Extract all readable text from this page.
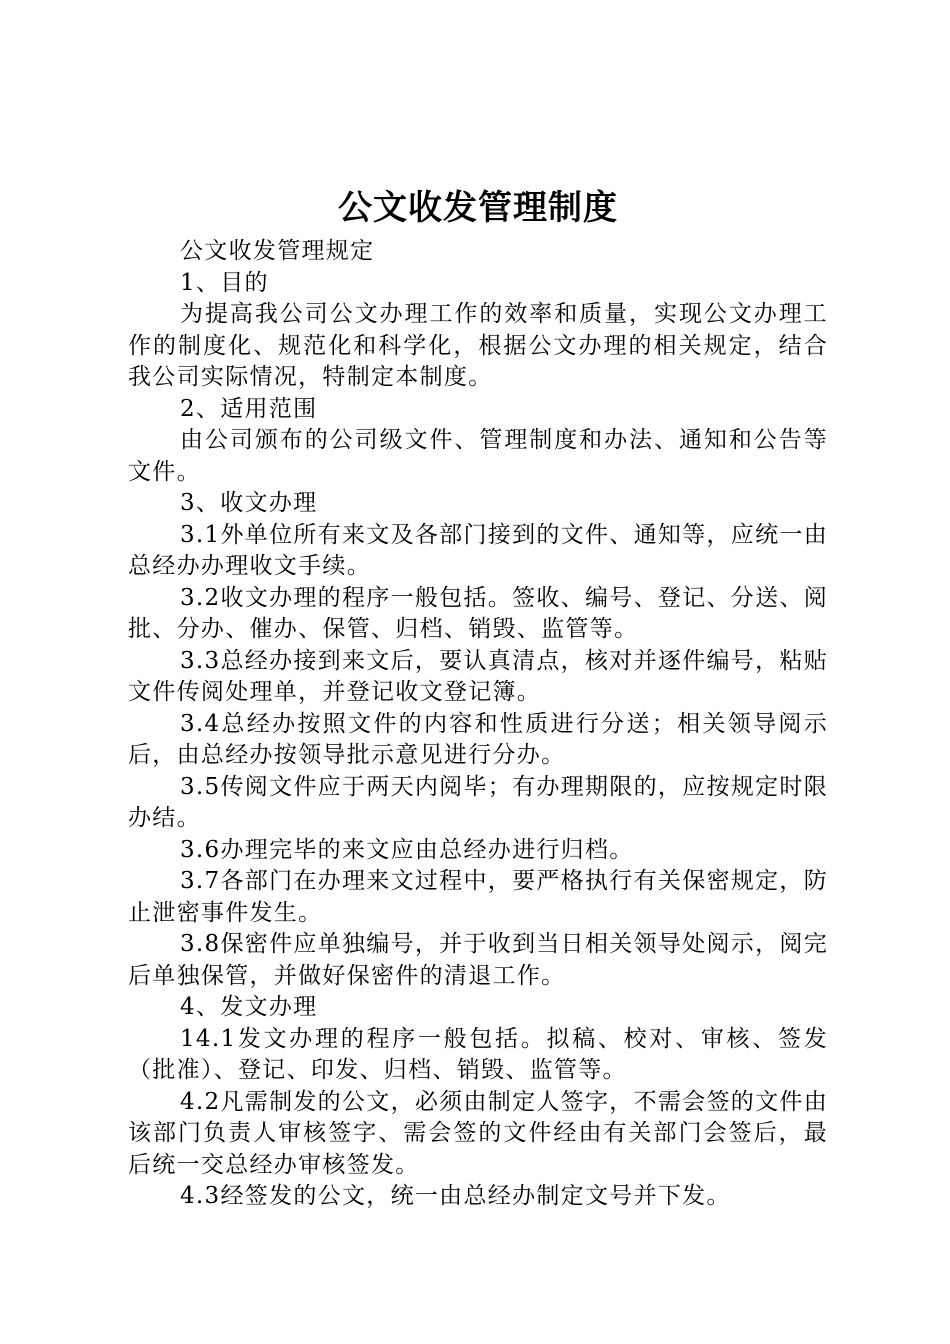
公文收发管理制度

公文收发管理规定

1、目的

为提高我公司公文办理工作的效率和质量，实现公文办理工作的制度化、规范化和科学化，根据公文办理的相关规定，结合我公司实际情况，特制定本制度。

2、适用范围

由公司颁布的公司级文件、管理制度和办法、通知和公告等文件。

3、收文办理

3.1外单位所有来文及各部门接到的文件、通知等，应统一由总经办办理收文手续。

3.2收文办理的程序一般包括。签收、编号、登记、分送、阅批、分办、催办、保管、归档、销毁、监管等。

3.3总经办接到来文后，要认真清点，核对并逐件编号，粘贴文件传阅处理单，并登记收文登记簿。

3.4总经办按照文件的内容和性质进行分送；相关领导阅示后，由总经办按领导批示意见进行分办。

3.5传阅文件应于两天内阅毕；有办理期限的，应按规定时限办结。

3.6办理完毕的来文应由总经办进行归档。

3.7各部门在办理来文过程中，要严格执行有关保密规定，防止泄密事件发生。

3.8保密件应单独编号，并于收到当日相关领导处阅示，阅完后单独保管，并做好保密件的清退工作。

4、发文办理

14.1发文办理的程序一般包括。拟稿、校对、审核、签发（批准）、登记、印发、归档、销毁、监管等。

4.2凡需制发的公文，必须由制定人签字，不需会签的文件由该部门负责人审核签字、需会签的文件经由有关部门会签后，最后统一交总经办审核签发。

4.3经签发的公文，统一由总经办制定文号并下发。
